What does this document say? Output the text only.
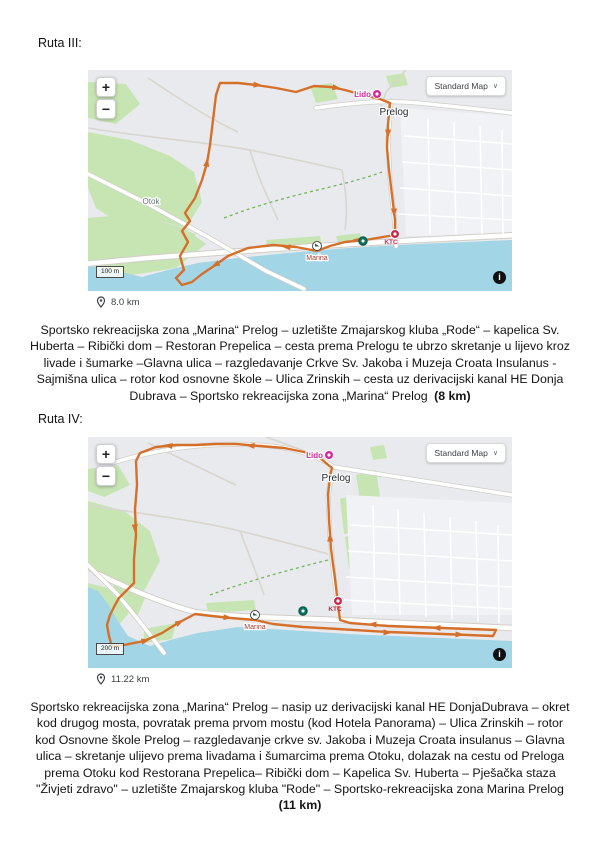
Ruta III:
Lido
Prelog
Otok
KTC
Marina
+
−
Standard Map ∨
100 m
i
8.0 km
Sportsko rekreacijska zona „Marina“ Prelog – uzletište Zmajarskog kluba „Rode“ – kapelica Sv. Huberta – Ribički dom – Restoran Prepelica – cesta prema Prelogu te ubrzo skretanje u lijevo kroz livade i šumarke –Glavna ulica – razgledavanje Crkve Sv. Jakoba i Muzeja Croata Insulanus - Sajmišna ulica – rotor kod osnovne škole – Ulica Zrinskih – cesta uz derivacijski kanal HE Donja Dubrava – Sportsko rekreacijska zona „Marina“ Prelog (8 km)
Ruta IV:
Lido
Prelog
KTC
Marina
+
−
Standard Map ∨
200 m
i
11.22 km
Sportsko rekreacijska zona „Marina“ Prelog – nasip uz derivacijski kanal HE DonjaDubrava – okret kod drugog mosta, povratak prema prvom mostu (kod Hotela Panorama) – Ulica Zrinskih – rotor kod Osnovne škole Prelog – razgledavanje crkve sv. Jakoba i Muzeja Croata insulanus – Glavna ulica – skretanje ulijevo prema livadama i šumarcima prema Otoku, dolazak na cestu od Preloga prema Otoku kod Restorana Prepelica– Ribički dom – Kapelica Sv. Huberta – Pješačka staza "Živjeti zdravo" – uzletište Zmajarskog kluba "Rode" – Sportsko-rekreacijska zona Marina Prelog
(11 km)
